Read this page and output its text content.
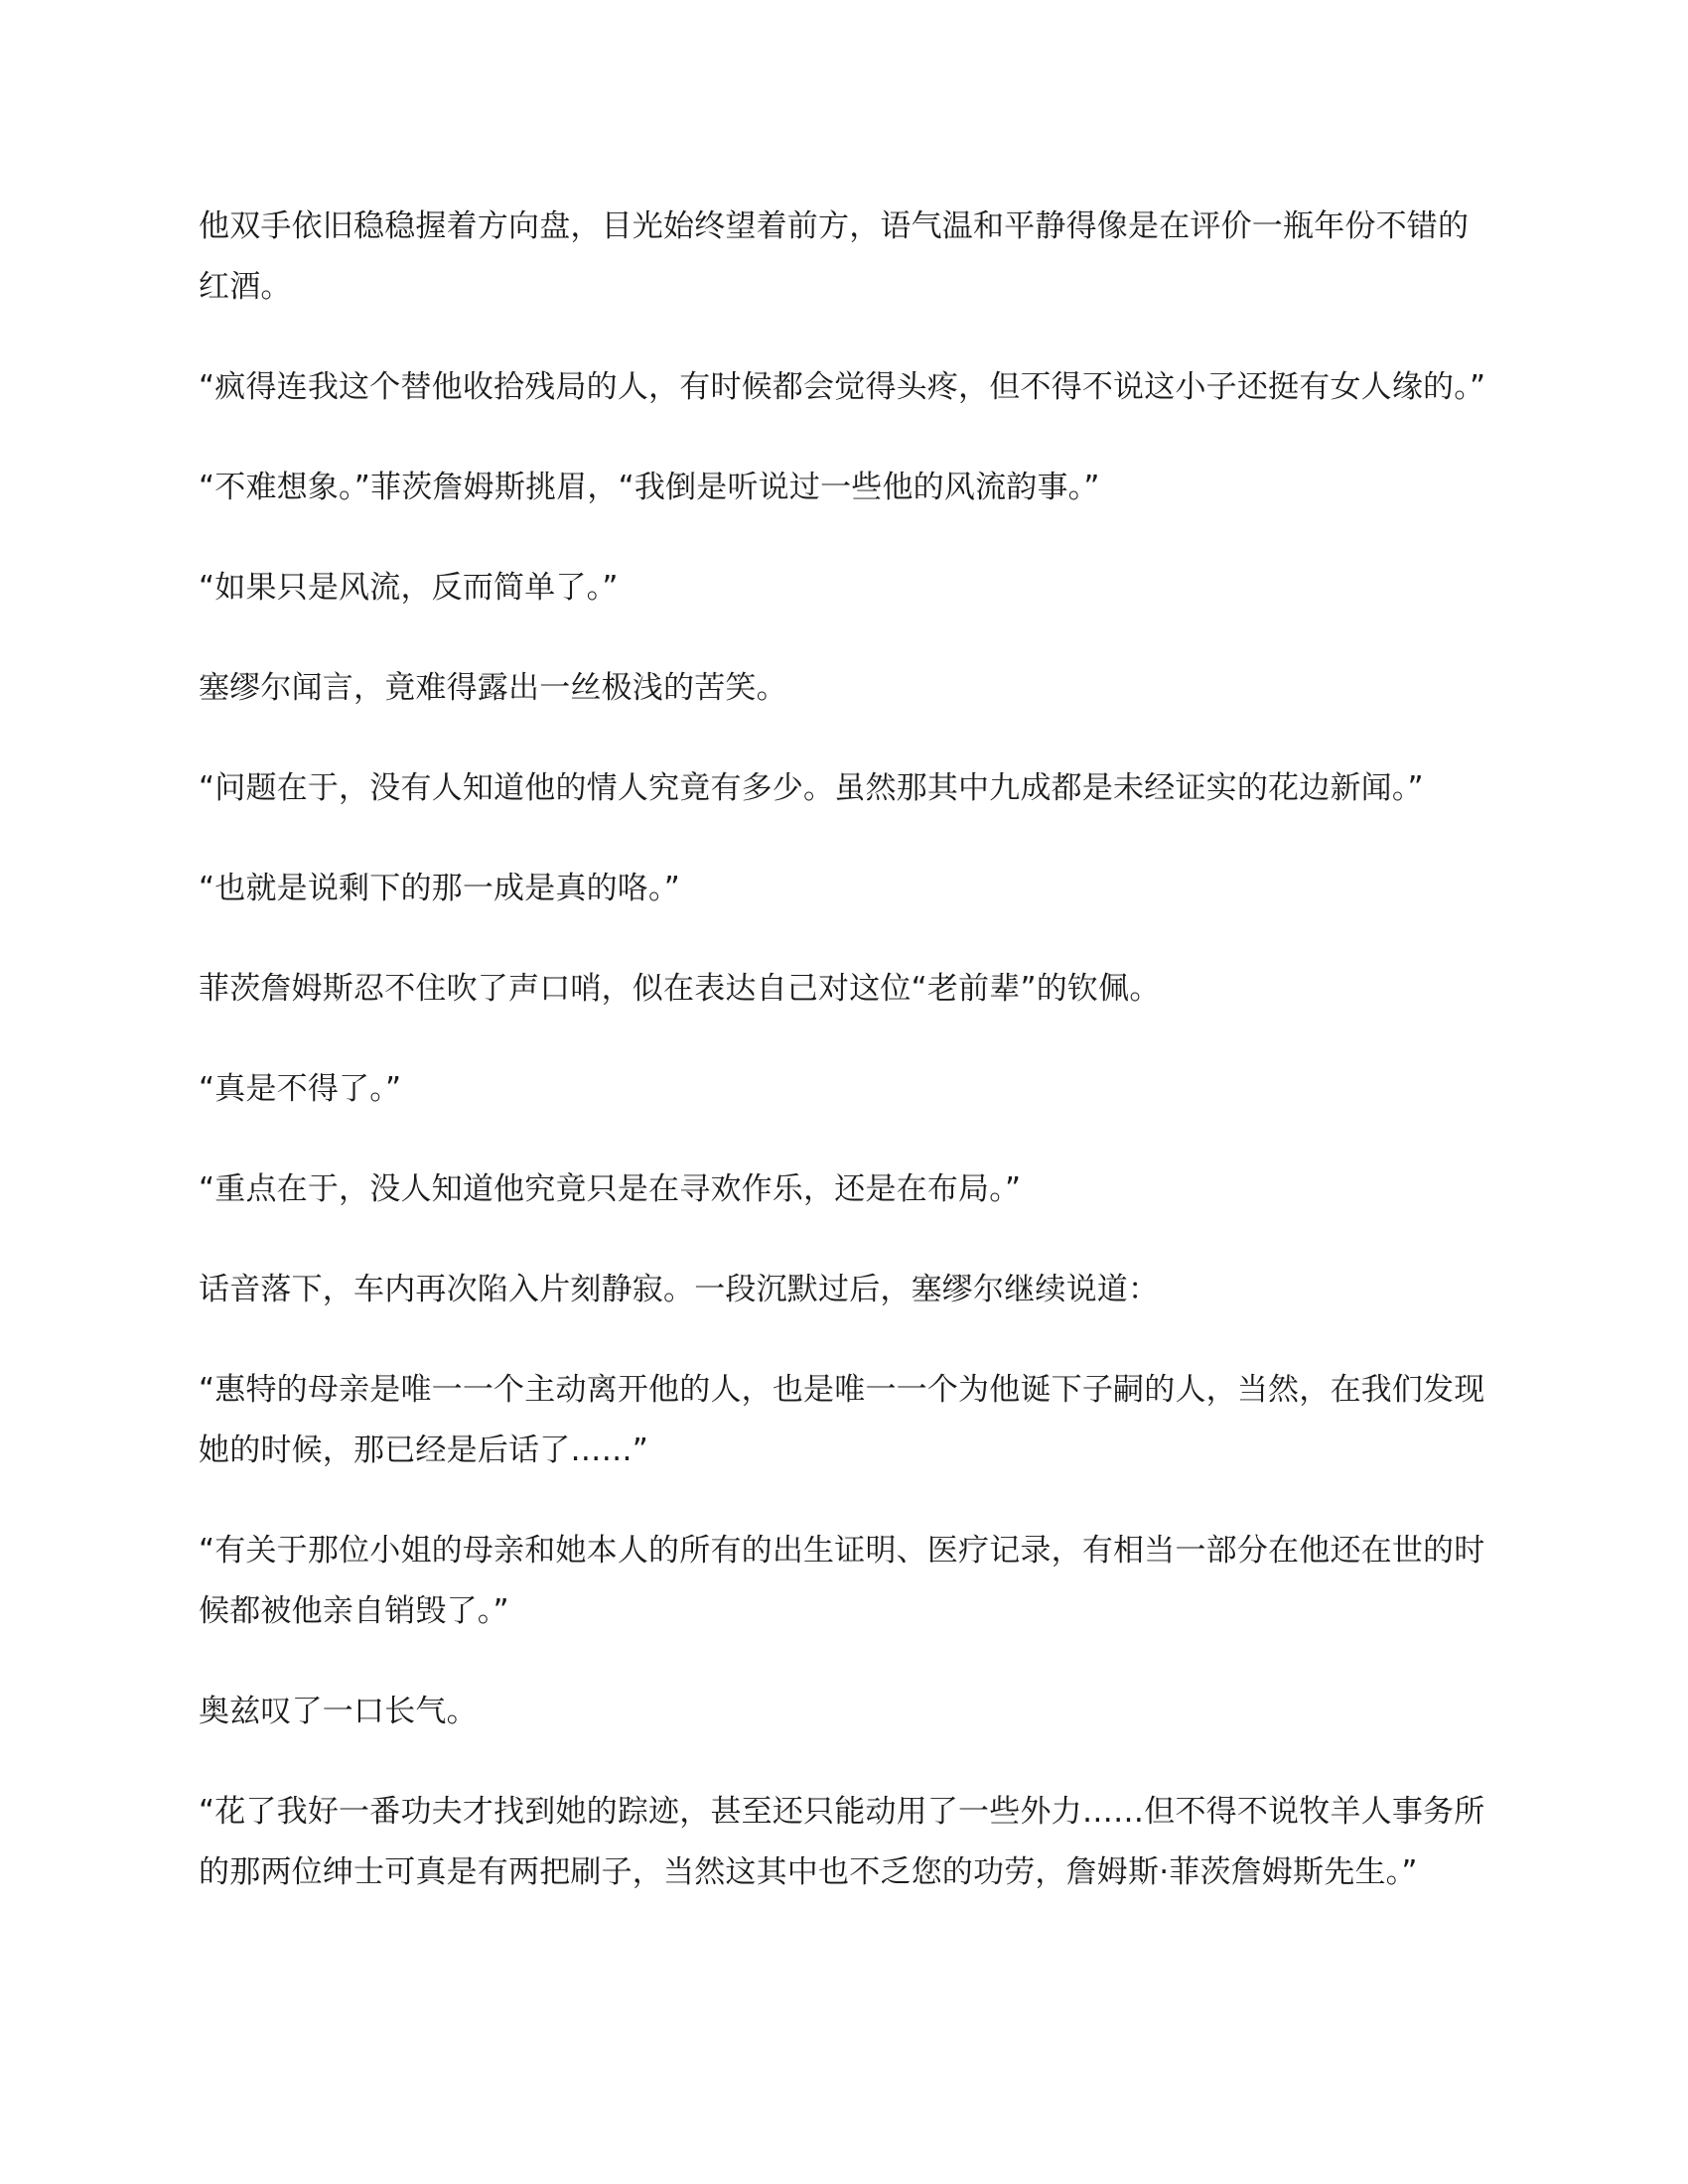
他双手依旧稳稳握着方向盘，目光始终望着前方，语气温和平静得像是在评价一瓶年份不错的红酒。

“疯得连我这个替他收拾残局的人，有时候都会觉得头疼，但不得不说这小子还挺有女人缘的。”

“不难想象。”菲茨詹姆斯挑眉，“我倒是听说过一些他的风流韵事。”

“如果只是风流，反而简单了。”

塞缪尔闻言，竟难得露出一丝极浅的苦笑。

“问题在于，没有人知道他的情人究竟有多少。虽然那其中九成都是未经证实的花边新闻。”

“也就是说剩下的那一成是真的咯。”

菲茨詹姆斯忍不住吹了声口哨，似在表达自己对这位“老前辈”的钦佩。

“真是不得了。”

“重点在于，没人知道他究竟只是在寻欢作乐，还是在布局。”

话音落下，车内再次陷入片刻静寂。一段沉默过后，塞缪尔继续说道：

“惠特的母亲是唯一一个主动离开他的人，也是唯一一个为他诞下子嗣的人，当然，在我们发现她的时候，那已经是后话了……”

“有关于那位小姐的母亲和她本人的所有的出生证明、医疗记录，有相当一部分在他还在世的时候都被他亲自销毁了。”

奥兹叹了一口长气。

“花了我好一番功夫才找到她的踪迹，甚至还只能动用了一些外力……但不得不说牧羊人事务所的那两位绅士可真是有两把刷子，当然这其中也不乏您的功劳，詹姆斯·菲茨詹姆斯先生。”
